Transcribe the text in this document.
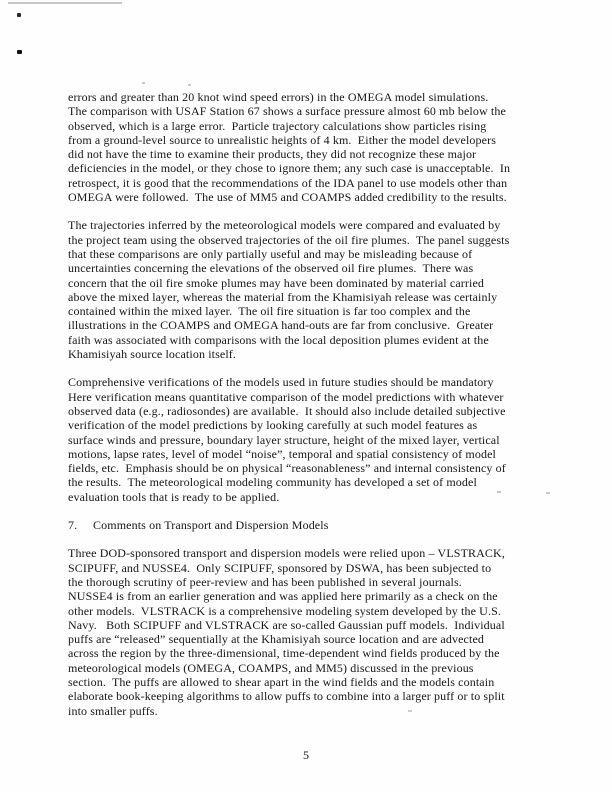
errors and greater than 20 knot wind speed errors) in the OMEGA model simulations.
The comparison with USAF Station 67 shows a surface pressure almost 60 mb below the
observed, which is a large error.  Particle trajectory calculations show particles rising
from a ground-level source to unrealistic heights of 4 km.  Either the model developers
did not have the time to examine their products, they did not recognize these major
deficiencies in the model, or they chose to ignore them; any such case is unacceptable.  In
retrospect, it is good that the recommendations of the IDA panel to use models other than
OMEGA were followed.  The use of MM5 and COAMPS added credibility to the results.

The trajectories inferred by the meteorological models were compared and evaluated by
the project team using the observed trajectories of the oil fire plumes.  The panel suggests
that these comparisons are only partially useful and may be misleading because of
uncertainties concerning the elevations of the observed oil fire plumes.  There was
concern that the oil fire smoke plumes may have been dominated by material carried
above the mixed layer, whereas the material from the Khamisiyah release was certainly
contained within the mixed layer.  The oil fire situation is far too complex and the
illustrations in the COAMPS and OMEGA hand-outs are far from conclusive.  Greater
faith was associated with comparisons with the local deposition plumes evident at the
Khamisiyah source location itself.

Comprehensive verifications of the models used in future studies should be mandatory
Here verification means quantitative comparison of the model predictions with whatever
observed data (e.g., radiosondes) are available.  It should also include detailed subjective
verification of the model predictions by looking carefully at such model features as
surface winds and pressure, boundary layer structure, height of the mixed layer, vertical
motions, lapse rates, level of model “noise”, temporal and spatial consistency of model
fields, etc.  Emphasis should be on physical “reasonableness” and internal consistency of
the results.  The meteorological modeling community has developed a set of model
evaluation tools that is ready to be applied.

7. Comments on Transport and Dispersion Models

Three DOD-sponsored transport and dispersion models were relied upon – VLSTRACK,
SCIPUFF, and NUSSE4.  Only SCIPUFF, sponsored by DSWA, has been subjected to
the thorough scrutiny of peer-review and has been published in several journals.
NUSSE4 is from an earlier generation and was applied here primarily as a check on the
other models.  VLSTRACK is a comprehensive modeling system developed by the U.S.
Navy.   Both SCIPUFF and VLSTRACK are so-called Gaussian puff models.  Individual
puffs are “released” sequentially at the Khamisiyah source location and are advected
across the region by the three-dimensional, time-dependent wind fields produced by the
meteorological models (OMEGA, COAMPS, and MM5) discussed in the previous
section.  The puffs are allowed to shear apart in the wind fields and the models contain
elaborate book-keeping algorithms to allow puffs to combine into a larger puff or to split
into smaller puffs.

5
